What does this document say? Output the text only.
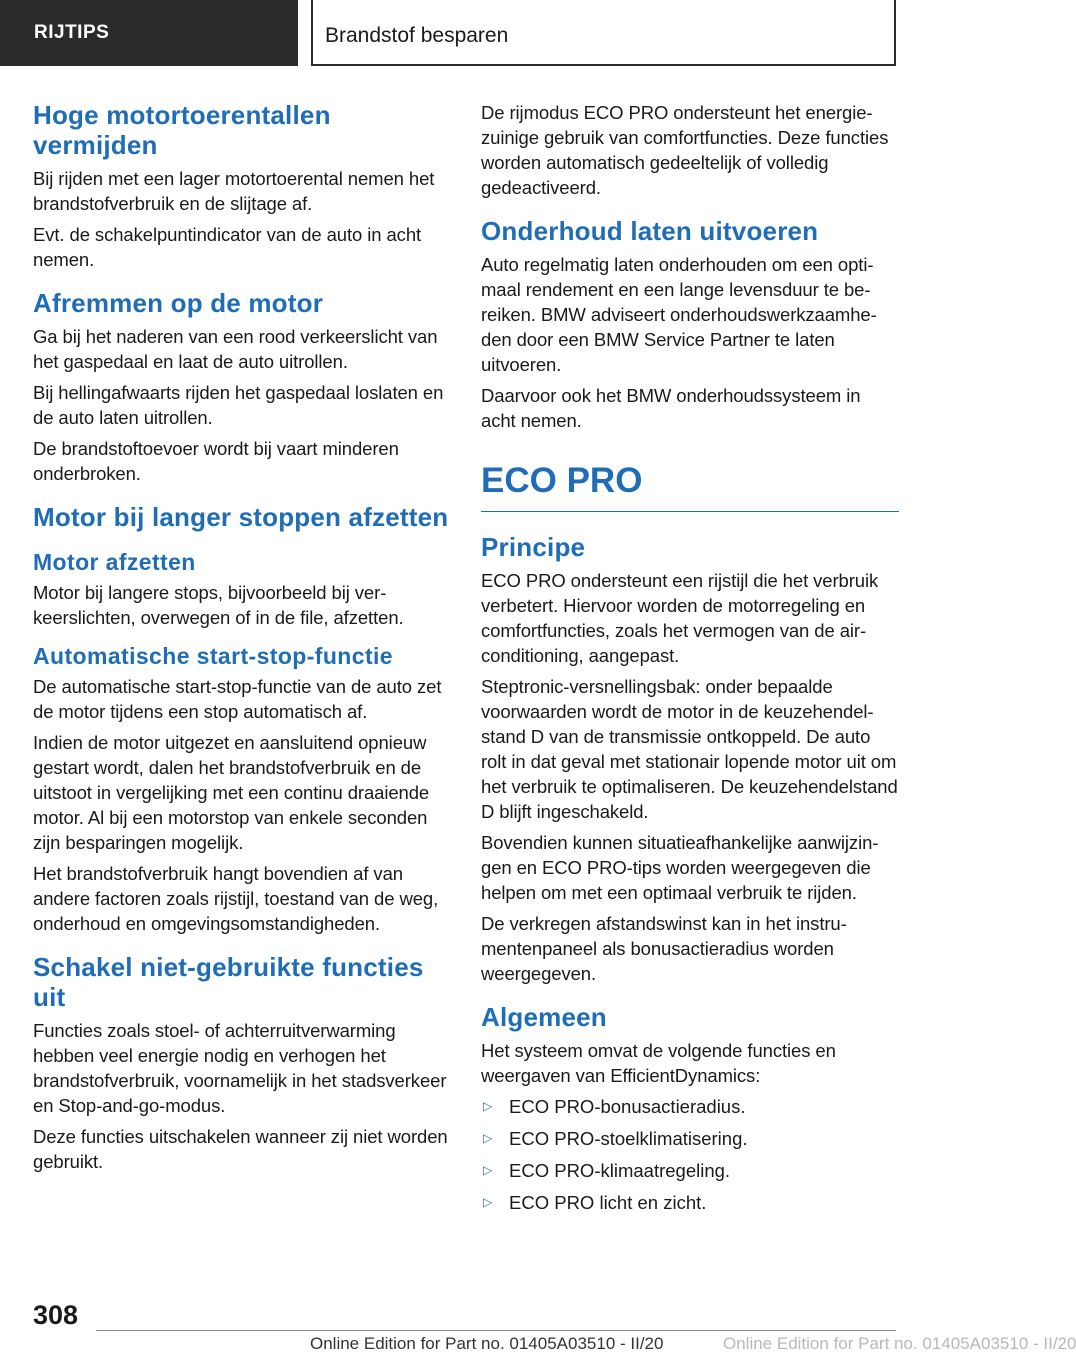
RIJTIPS	Brandstof besparen
Hoge motortoerentallen vermijden

Bij rijden met een lager motortoerental nemen het brandstofverbruik en de slijtage af.

Evt. de schakelpuntindicator van de auto in acht nemen.

Afremmen op de motor

Ga bij het naderen van een rood verkeerslicht van het gaspedaal en laat de auto uitrollen.

Bij hellingafwaarts rijden het gaspedaal loslaten en de auto laten uitrollen.

De brandstoftoevoer wordt bij vaart minderen onderbroken.

Motor bij langer stoppen afzetten
Motor afzetten

Motor bij langere stops, bijvoorbeeld bij verkeerslichten, overwegen of in de file, afzetten.

Automatische start-stop-functie

De automatische start-stop-functie van de auto zet de motor tijdens een stop automatisch af.

Indien de motor uitgezet en aansluitend opnieuw gestart wordt, dalen het brandstofverbruik en de uitstoot in vergelijking met een continu draaiende motor. Al bij een motorstop van enkele seconden zijn besparingen mogelijk.

Het brandstofverbruik hangt bovendien af van andere factoren zoals rijstijl, toestand van de weg, onderhoud en omgevingsomstandigheden.

Schakel niet-gebruikte functies uit

Functies zoals stoel- of achterruitverwarming hebben veel energie nodig en verhogen het brandstofverbruik, voornamelijk in het stadsverkeer en Stop-and-go-modus.

Deze functies uitschakelen wanneer zij niet worden gebruikt.

De rijmodus ECO PRO ondersteunt het energiezuinige gebruik van comfortfuncties. Deze functies worden automatisch gedeeltelijk of volledig gedeactiveerd.

Onderhoud laten uitvoeren

Auto regelmatig laten onderhouden om een optimaal rendement en een lange levensduur te bereiken. BMW adviseert onderhoudswerkzaamheden door een BMW Service Partner te laten uitvoeren.

Daarvoor ook het BMW onderhoudssysteem in acht nemen.

ECO PRO
Principe

ECO PRO ondersteunt een rijstijl die het verbruik verbetert. Hiervoor worden de motorregeling en comfortfuncties, zoals het vermogen van de airconditioning, aangepast.

Steptronic-versnellingsbak: onder bepaalde voorwaarden wordt de motor in de keuzehendelstand D van de transmissie ontkoppeld. De auto rolt in dat geval met stationair lopende motor uit om het verbruik te optimaliseren. De keuzehendelstand D blijft ingeschakeld.

Bovendien kunnen situatieafhankelijke aanwijzingen en ECO PRO-tips worden weergegeven die helpen om met een optimaal verbruik te rijden.

De verkregen afstandswinst kan in het instrumentenpaneel als bonusactieradius worden weergegeven.

Algemeen

Het systeem omvat de volgende functies en weergaven van EfficientDynamics:

▷ ECO PRO-bonusactieradius.
▷ ECO PRO-stoelklimatisering.
▷ ECO PRO-klimaatregeling.
▷ ECO PRO licht en zicht.
308
Online Edition for Part no. 01405A03510 - II/20	Online Edition for Part no. 01405A03510 - II/20
